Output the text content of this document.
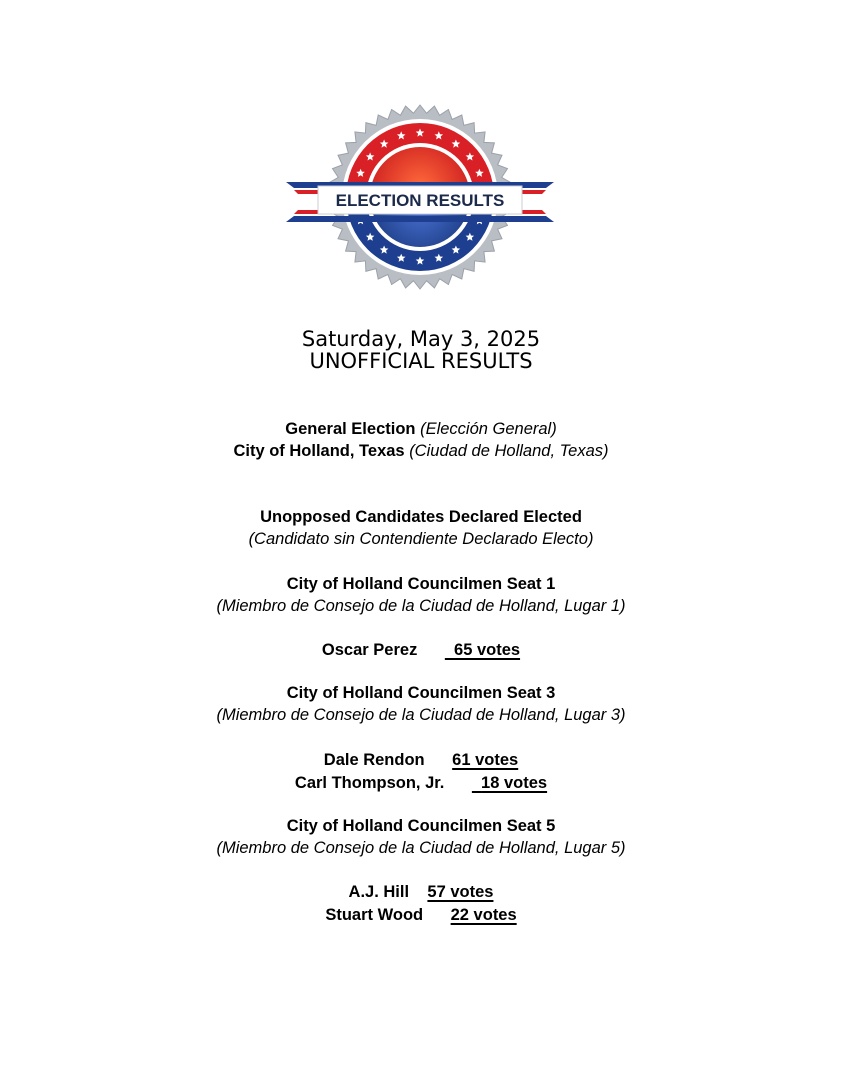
ELECTION RESULTS
Saturday, May 3, 2025
UNOFFICIAL RESULTS
General Election (Elección General)
City of Holland, Texas (Ciudad de Holland, Texas)
Unopposed Candidates Declared Elected
(Candidato sin Contendiente Declarado Electo)
City of Holland Councilmen Seat 1
(Miembro de Consejo de la Ciudad de Holland, Lugar 1)
Oscar Perez 65 votes
City of Holland Councilmen Seat 3
(Miembro de Consejo de la Ciudad de Holland, Lugar 3)
Dale Rendon 61 votes
Carl Thompson, Jr. 18 votes
City of Holland Councilmen Seat 5
(Miembro de Consejo de la Ciudad de Holland, Lugar 5)
A.J. Hill 57 votes
Stuart Wood 22 votes
